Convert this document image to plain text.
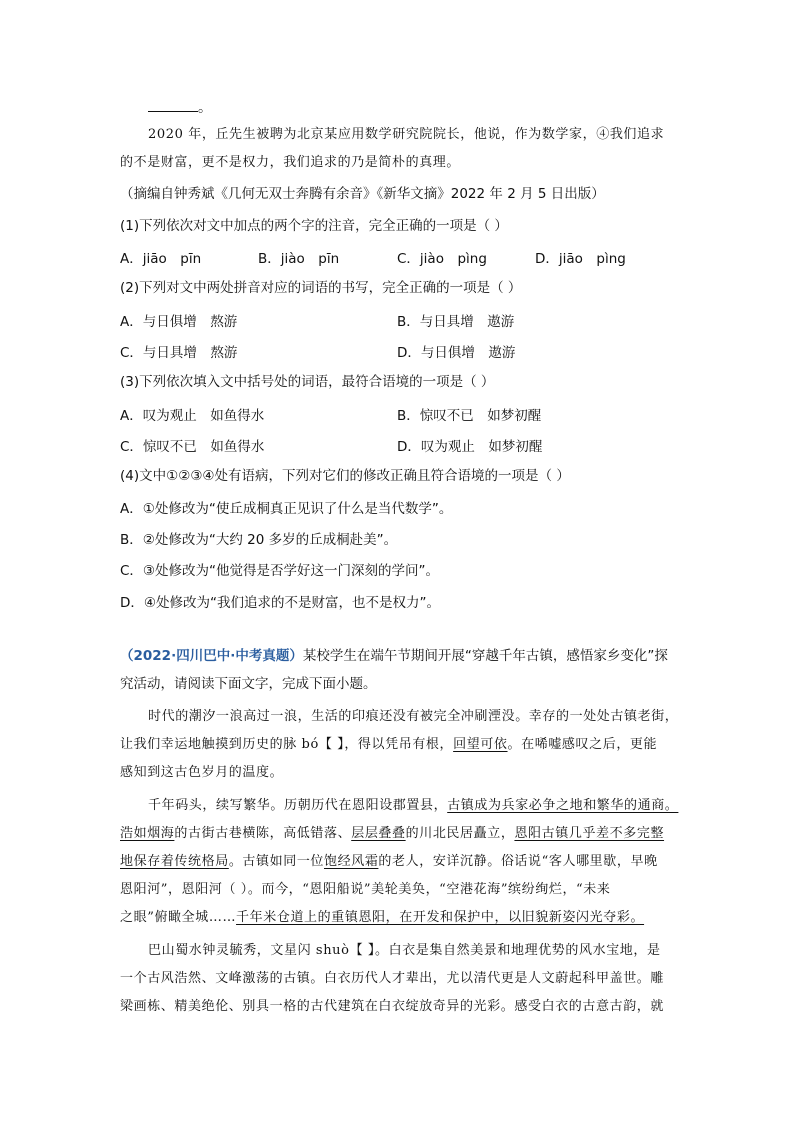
。
2020 年，丘先生被聘为北京某应用数学研究院院长，他说，作为数学家，④我们追求
的不是财富，更不是权力，我们追求的乃是简朴的真理。
（摘编自钟秀斌《几何无双士奔腾有余音》《新华文摘》2022 年 2 月 5 日出版）
(1)下列依次对文中加点的两个字的注音，完全正确的一项是（ ）
A．jiāo　pīn	B．jiào　pīn	C．jiào　pìng	D．jiāo　pìng
(2)下列对文中两处拼音对应的词语的书写，完全正确的一项是（ ）
A．与日俱增　熬游	B．与日具增　遨游
C．与日具增　熬游	D．与日俱增　遨游
(3)下列依次填入文中括号处的词语，最符合语境的一项是（ ）
A．叹为观止　如鱼得水	B．惊叹不已　如梦初醒
C．惊叹不已　如鱼得水	D．叹为观止　如梦初醒
(4)文中①②③④处有语病，下列对它们的修改正确且符合语境的一项是（ ）
A．①处修改为“使丘成桐真正见识了什么是当代数学”。
B．②处修改为“大约 20 多岁的丘成桐赴美”。
C．③处修改为“他觉得是否学好这一门深刻的学问”。
D．④处修改为“我们追求的不是财富，也不是权力”。
（2022·四川巴中·中考真题）某校学生在端午节期间开展“穿越千年古镇，感悟家乡变化”探
究活动，请阅读下面文字，完成下面小题。
时代的潮汐一浪高过一浪，生活的印痕还没有被完全冲刷湮没。幸存的一处处古镇老街，
让我们幸运地触摸到历史的脉 bó【 】，得以凭吊有根，回望可依。在唏嘘感叹之后，更能
感知到这古色岁月的温度。
千年码头，续写繁华。历朝历代在恩阳设郡置县，古镇成为兵家必争之地和繁华的通商。
浩如烟海的古街古巷横陈，高低错落、层层叠叠的川北民居矗立，恩阳古镇几乎差不多完整
地保存着传统格局。古镇如同一位饱经风霜的老人，安详沉静。俗话说“客人哪里歇，早晚
恩阳河”，恩阳河（ ）。而今，“恩阳船说”美轮美奂，“空港花海”缤纷绚烂，“未来
之眼”俯瞰全城……千年米仓道上的重镇恩阳，在开发和保护中，以旧貌新姿闪光夺彩。
巴山蜀水钟灵毓秀，文星闪 shuò【 】。白衣是集自然美景和地理优势的风水宝地，是
一个古风浩然、文峰激荡的古镇。白衣历代人才辈出，尤以清代更是人文蔚起科甲盖世。雕
梁画栋、精美绝伦、别具一格的古代建筑在白衣绽放奇异的光彩。感受白衣的古意古韵，就
